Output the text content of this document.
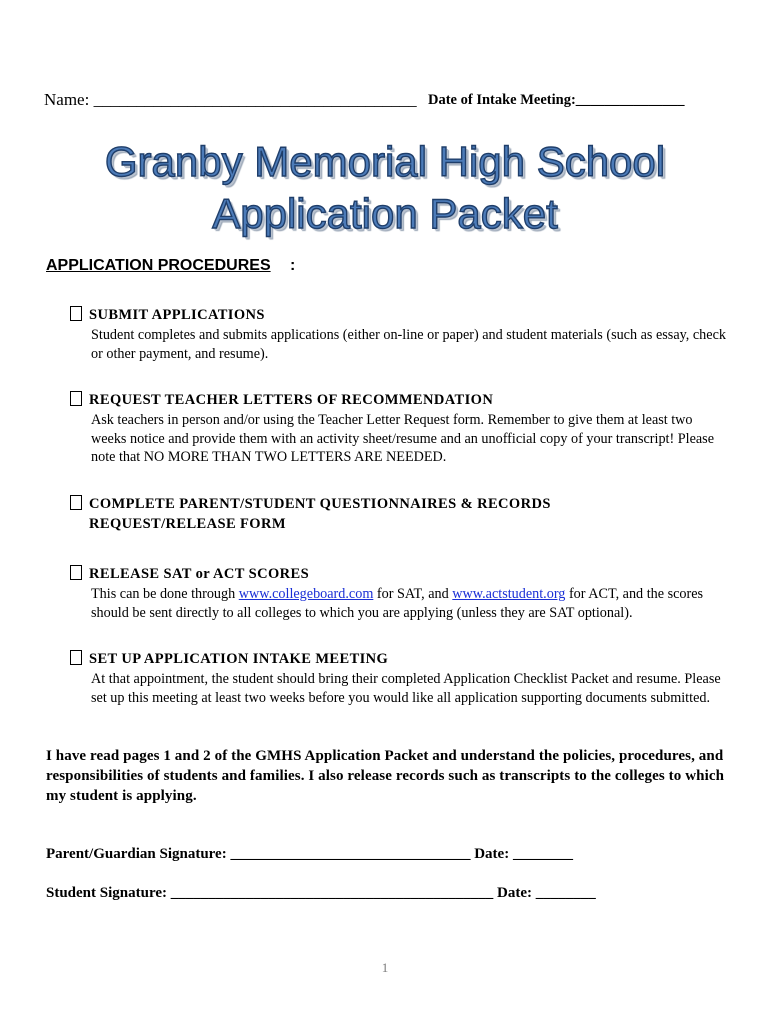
Name: ______________________________________ Date of Intake Meeting:_______________
Granby Memorial High School
Application Packet
APPLICATION PROCEDURES :
SUBMIT APPLICATIONS
Student completes and submits applications (either on-line or paper) and student materials (such as essay, check or other payment, and resume).
REQUEST TEACHER LETTERS OF RECOMMENDATION
Ask teachers in person and/or using the Teacher Letter Request form. Remember to give them at least two weeks notice and provide them with an activity sheet/resume and an unofficial copy of your transcript! Please note that NO MORE THAN TWO LETTERS ARE NEEDED.
COMPLETE PARENT/STUDENT QUESTIONNAIRES & RECORDS
REQUEST/RELEASE FORM
RELEASE SAT or ACT SCORES
This can be done through www.collegeboard.com for SAT, and www.actstudent.org for ACT, and the scores should be sent directly to all colleges to which you are applying (unless they are SAT optional).
SET UP APPLICATION INTAKE MEETING
At that appointment, the student should bring their completed Application Checklist Packet and resume. Please set up this meeting at least two weeks before you would like all application supporting documents submitted.
I have read pages 1 and 2 of the GMHS Application Packet and understand the policies, procedures, and responsibilities of students and families. I also release records such as transcripts to the colleges to which my student is applying.
Parent/Guardian Signature: ________________________________ Date: ________
Student Signature: ___________________________________________ Date: ________
1
